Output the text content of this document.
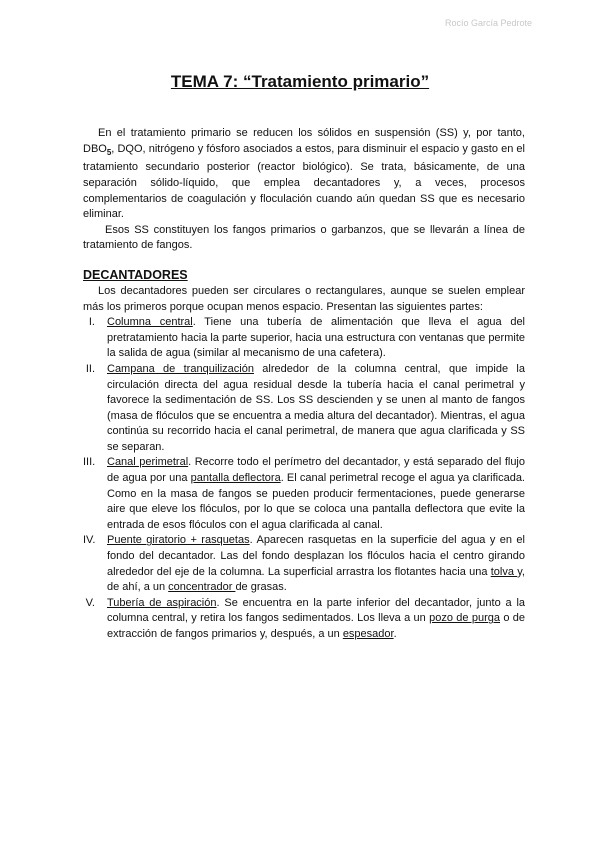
Rocío García Pedrote
TEMA 7: “Tratamiento primario”

En el tratamiento primario se reducen los sólidos en suspensión (SS) y, por tanto, $DBO_5$, DQO, nitrógeno y fósforo asociados a estos, para disminuir el espacio y gasto en el tratamiento secundario posterior (reactor biológico). Se trata, básicamente, de una separación sólido-líquido, que emplea decantadores y, a veces, procesos complementarios de coagulación y floculación cuando aún quedan SS que es necesario eliminar.

Esos SS constituyen los fangos primarios o garbanzos, que se llevarán a línea de tratamiento de fangos.

DECANTADORES

Los decantadores pueden ser circulares o rectangulares, aunque se suelen emplear más los primeros porque ocupan menos espacio. Presentan las siguientes partes:

I. Columna central. Tiene una tubería de alimentación que lleva el agua del pretratamiento hacia la parte superior, hacia una estructura con ventanas que permite la salida de agua (similar al mecanismo de una cafetera).
II. Campana de tranquilización alrededor de la columna central, que impide la circulación directa del agua residual desde la tubería hacia el canal perimetral y favorece la sedimentación de SS. Los SS descienden y se unen al manto de fangos (masa de flóculos que se encuentra a media altura del decantador). Mientras, el agua continúa su recorrido hacia el canal perimetral, de manera que agua clarificada y SS se separan.
III. Canal perimetral. Recorre todo el perímetro del decantador, y está separado del flujo de agua por una pantalla deflectora. El canal perimetral recoge el agua ya clarificada. Como en la masa de fangos se pueden producir fermentaciones, puede generarse aire que eleve los flóculos, por lo que se coloca una pantalla deflectora que evite la entrada de esos flóculos con el agua clarificada al canal.
IV. Puente giratorio + rasquetas. Aparecen rasquetas en la superficie del agua y en el fondo del decantador. Las del fondo desplazan los flóculos hacia el centro girando alrededor del eje de la columna. La superficial arrastra los flotantes hacia una tolva y, de ahí, a un concentrador de grasas.
V. Tubería de aspiración. Se encuentra en la parte inferior del decantador, junto a la columna central, y retira los fangos sedimentados. Los lleva a un pozo de purga o de extracción de fangos primarios y, después, a un espesador.
